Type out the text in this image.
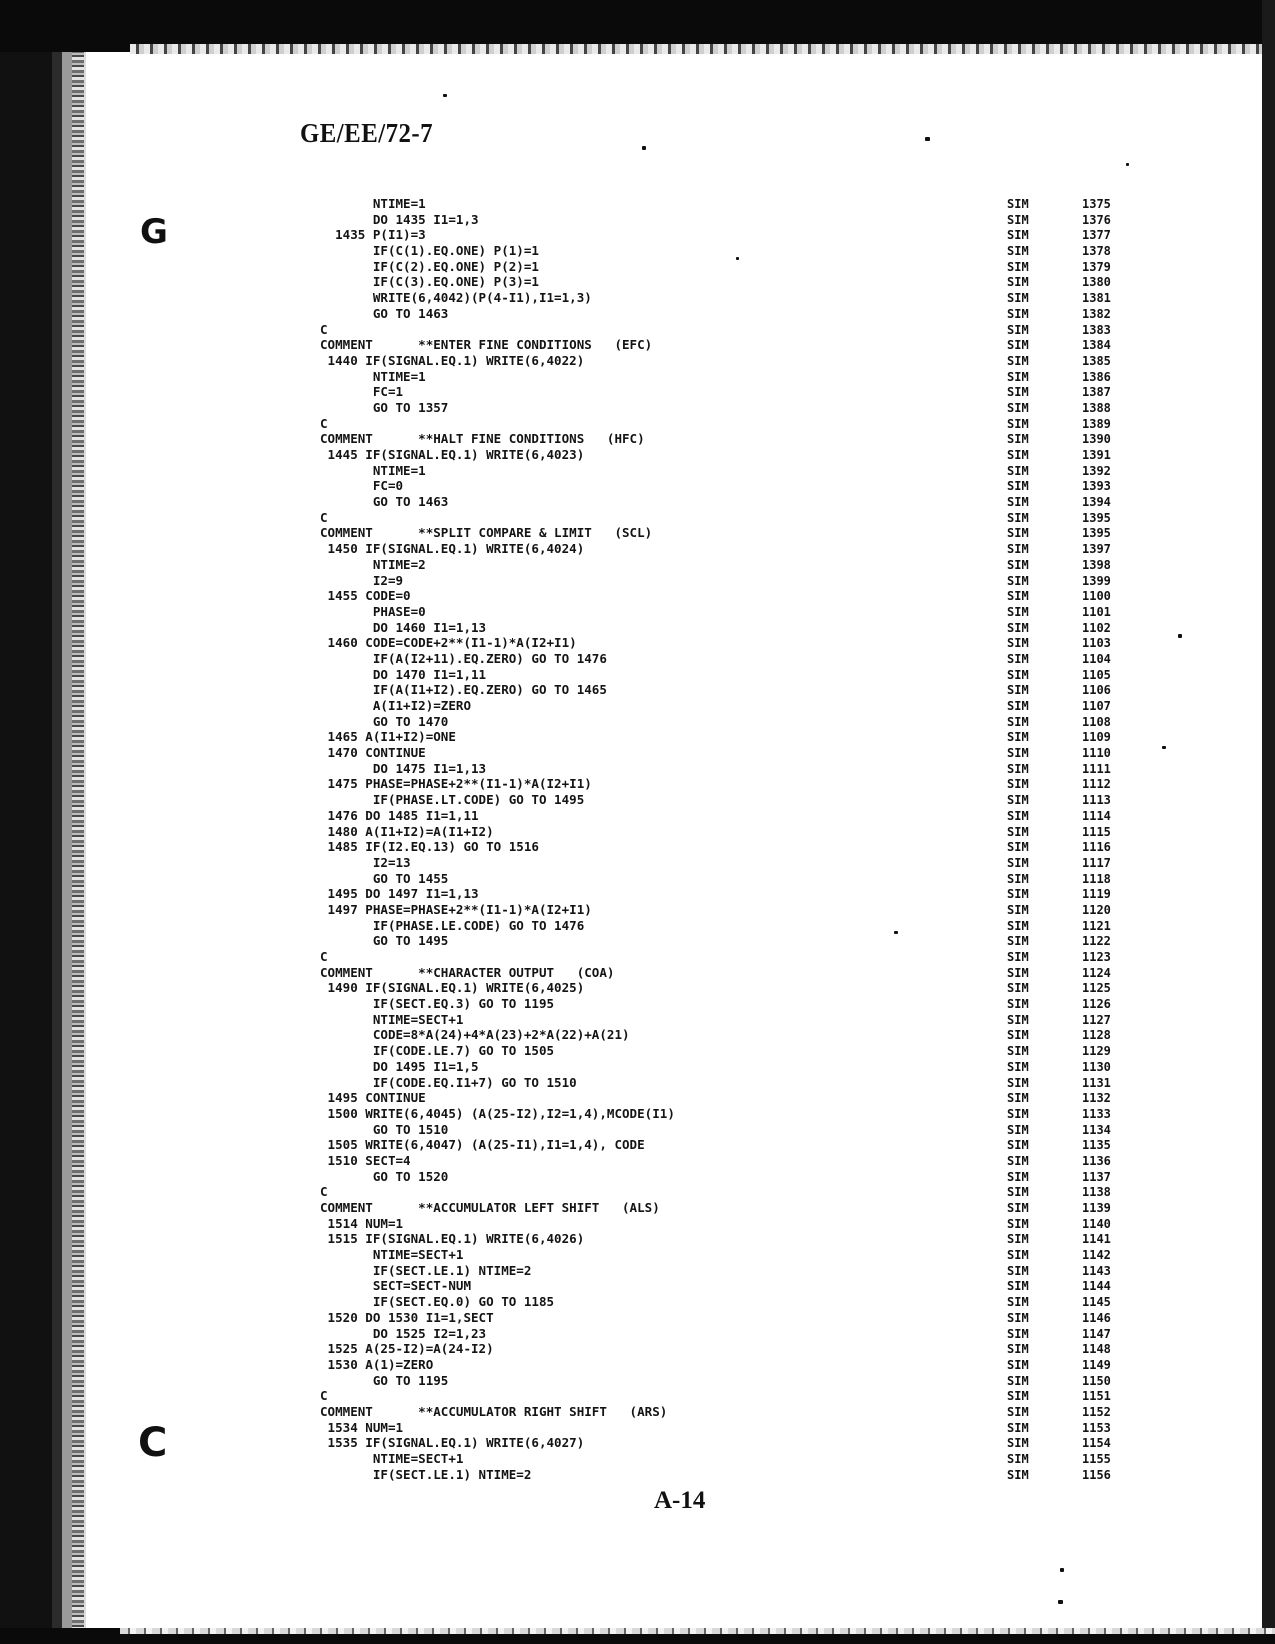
GE/EE/72-7
G
C
NTIME=1	SIM	1375
DO 1435 I1=1,3	SIM	1376
1435 P(I1)=3	SIM	1377
IF(C(1).EQ.ONE) P(1)=1	SIM	1378
IF(C(2).EQ.ONE) P(2)=1	SIM	1379
IF(C(3).EQ.ONE) P(3)=1	SIM	1380
WRITE(6,4042)(P(4-I1),I1=1,3)	SIM	1381
GO TO 1463	SIM	1382
C	SIM	1383
COMMENT      **ENTER FINE CONDITIONS   (EFC)	SIM	1384
1440 IF(SIGNAL.EQ.1) WRITE(6,4022)	SIM	1385
NTIME=1	SIM	1386
FC=1	SIM	1387
GO TO 1357	SIM	1388
C	SIM	1389
COMMENT      **HALT FINE CONDITIONS   (HFC)	SIM	1390
1445 IF(SIGNAL.EQ.1) WRITE(6,4023)	SIM	1391
NTIME=1	SIM	1392
FC=0	SIM	1393
GO TO 1463	SIM	1394
C	SIM	1395
COMMENT      **SPLIT COMPARE & LIMIT   (SCL)	SIM	1395
1450 IF(SIGNAL.EQ.1) WRITE(6,4024)	SIM	1397
NTIME=2	SIM	1398
I2=9	SIM	1399
1455 CODE=0	SIM	1100
PHASE=0	SIM	1101
DO 1460 I1=1,13	SIM	1102
1460 CODE=CODE+2**(I1-1)*A(I2+I1)	SIM	1103
IF(A(I2+11).EQ.ZERO) GO TO 1476	SIM	1104
DO 1470 I1=1,11	SIM	1105
IF(A(I1+I2).EQ.ZERO) GO TO 1465	SIM	1106
A(I1+I2)=ZERO	SIM	1107
GO TO 1470	SIM	1108
1465 A(I1+I2)=ONE	SIM	1109
1470 CONTINUE	SIM	1110
DO 1475 I1=1,13	SIM	1111
1475 PHASE=PHASE+2**(I1-1)*A(I2+I1)	SIM	1112
IF(PHASE.LT.CODE) GO TO 1495	SIM	1113
1476 DO 1485 I1=1,11	SIM	1114
1480 A(I1+I2)=A(I1+I2)	SIM	1115
1485 IF(I2.EQ.13) GO TO 1516	SIM	1116
I2=13	SIM	1117
GO TO 1455	SIM	1118
1495 DO 1497 I1=1,13	SIM	1119
1497 PHASE=PHASE+2**(I1-1)*A(I2+I1)	SIM	1120
IF(PHASE.LE.CODE) GO TO 1476	SIM	1121
GO TO 1495	SIM	1122
C	SIM	1123
COMMENT      **CHARACTER OUTPUT   (COA)	SIM	1124
1490 IF(SIGNAL.EQ.1) WRITE(6,4025)	SIM	1125
IF(SECT.EQ.3) GO TO 1195	SIM	1126
NTIME=SECT+1	SIM	1127
CODE=8*A(24)+4*A(23)+2*A(22)+A(21)	SIM	1128
IF(CODE.LE.7) GO TO 1505	SIM	1129
DO 1495 I1=1,5	SIM	1130
IF(CODE.EQ.I1+7) GO TO 1510	SIM	1131
1495 CONTINUE	SIM	1132
1500 WRITE(6,4045) (A(25-I2),I2=1,4),MCODE(I1)	SIM	1133
GO TO 1510	SIM	1134
1505 WRITE(6,4047) (A(25-I1),I1=1,4), CODE	SIM	1135
1510 SECT=4	SIM	1136
GO TO 1520	SIM	1137
C	SIM	1138
COMMENT      **ACCUMULATOR LEFT SHIFT   (ALS)	SIM	1139
1514 NUM=1	SIM	1140
1515 IF(SIGNAL.EQ.1) WRITE(6,4026)	SIM	1141
NTIME=SECT+1	SIM	1142
IF(SECT.LE.1) NTIME=2	SIM	1143
SECT=SECT-NUM	SIM	1144
IF(SECT.EQ.0) GO TO 1185	SIM	1145
1520 DO 1530 I1=1,SECT	SIM	1146
DO 1525 I2=1,23	SIM	1147
1525 A(25-I2)=A(24-I2)	SIM	1148
1530 A(1)=ZERO	SIM	1149
GO TO 1195	SIM	1150
C	SIM	1151
COMMENT      **ACCUMULATOR RIGHT SHIFT   (ARS)	SIM	1152
1534 NUM=1	SIM	1153
1535 IF(SIGNAL.EQ.1) WRITE(6,4027)	SIM	1154
NTIME=SECT+1	SIM	1155
IF(SECT.LE.1) NTIME=2	SIM	1156
A-14
